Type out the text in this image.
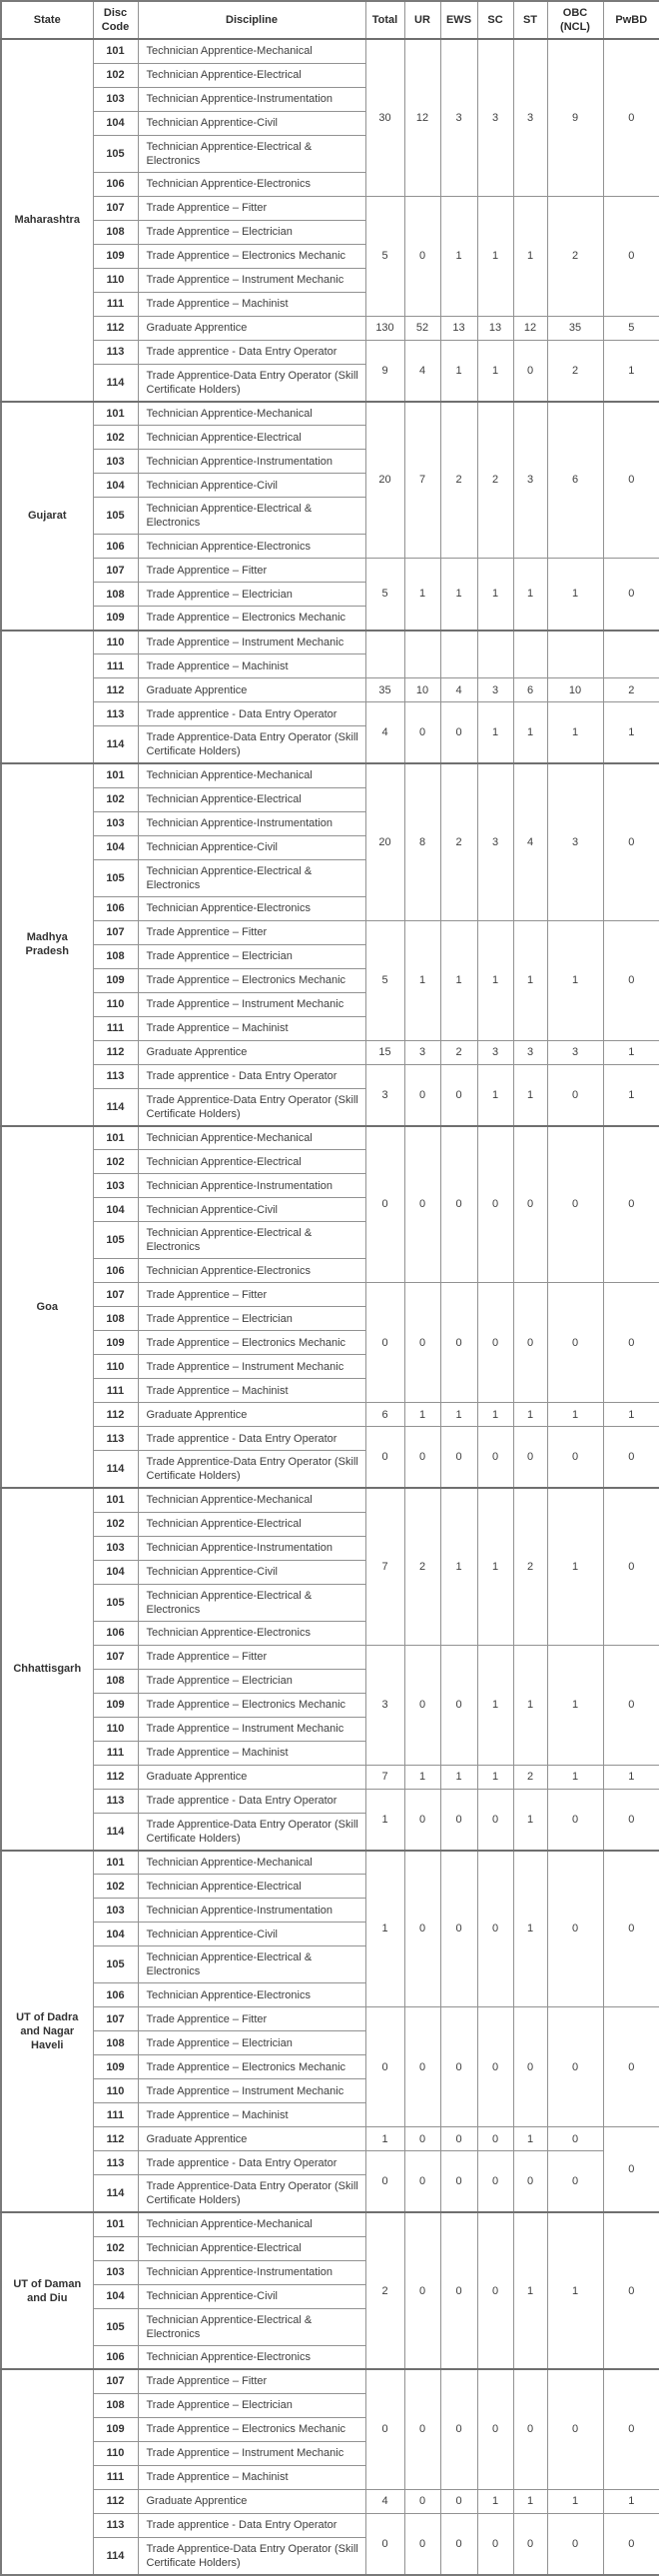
State	Disc Code	Discipline	Total	UR	EWS	SC	ST	OBC (NCL)	PwBD
Maharashtra	101	Technician Apprentice-Mechanical	30	12	3	3	3	9	0
	102	Technician Apprentice-Electrical							
	103	Technician Apprentice-Instrumentation							
	104	Technician Apprentice-Civil							
	105	Technician Apprentice-Electrical & Electronics							
	106	Technician Apprentice-Electronics							
	107	Trade Apprentice – Fitter	5	0	1	1	1	2	0
	108	Trade Apprentice – Electrician							
	109	Trade Apprentice – Electronics Mechanic							
	110	Trade Apprentice – Instrument Mechanic							
	111	Trade Apprentice – Machinist							
	112	Graduate Apprentice	130	52	13	13	12	35	5
	113	Trade apprentice - Data Entry Operator	9	4	1	1	0	2	1
	114	Trade Apprentice-Data Entry Operator (Skill Certificate Holders)							
Gujarat	101	Technician Apprentice-Mechanical	20	7	2	2	3	6	0
	102	Technician Apprentice-Electrical							
	103	Technician Apprentice-Instrumentation							
	104	Technician Apprentice-Civil							
	105	Technician Apprentice-Electrical & Electronics							
	106	Technician Apprentice-Electronics							
	107	Trade Apprentice – Fitter	5	1	1	1	1	1	0
	108	Trade Apprentice – Electrician							
	109	Trade Apprentice – Electronics Mechanic							
	110	Trade Apprentice – Instrument Mechanic							
	111	Trade Apprentice – Machinist							
	112	Graduate Apprentice	35	10	4	3	6	10	2
	113	Trade apprentice - Data Entry Operator	4	0	0	1	1	1	1
	114	Trade Apprentice-Data Entry Operator (Skill Certificate Holders)							
Madhya Pradesh	101	Technician Apprentice-Mechanical	20	8	2	3	4	3	0
	102	Technician Apprentice-Electrical							
	103	Technician Apprentice-Instrumentation							
	104	Technician Apprentice-Civil							
	105	Technician Apprentice-Electrical & Electronics							
	106	Technician Apprentice-Electronics							
	107	Trade Apprentice – Fitter	5	1	1	1	1	1	0
	108	Trade Apprentice – Electrician							
	109	Trade Apprentice – Electronics Mechanic							
	110	Trade Apprentice – Instrument Mechanic							
	111	Trade Apprentice – Machinist							
	112	Graduate Apprentice	15	3	2	3	3	3	1
	113	Trade apprentice - Data Entry Operator	3	0	0	1	1	0	1
	114	Trade Apprentice-Data Entry Operator (Skill Certificate Holders)							
Goa	101	Technician Apprentice-Mechanical	0	0	0	0	0	0	0
	102	Technician Apprentice-Electrical							
	103	Technician Apprentice-Instrumentation							
	104	Technician Apprentice-Civil							
	105	Technician Apprentice-Electrical & Electronics							
	106	Technician Apprentice-Electronics							
	107	Trade Apprentice – Fitter	0	0	0	0	0	0	0
	108	Trade Apprentice – Electrician							
	109	Trade Apprentice – Electronics Mechanic							
	110	Trade Apprentice – Instrument Mechanic							
	111	Trade Apprentice – Machinist							
	112	Graduate Apprentice	6	1	1	1	1	1	1
	113	Trade apprentice - Data Entry Operator	0	0	0	0	0	0	0
	114	Trade Apprentice-Data Entry Operator (Skill Certificate Holders)							
Chhattisgarh	101	Technician Apprentice-Mechanical	7	2	1	1	2	1	0
	102	Technician Apprentice-Electrical							
	103	Technician Apprentice-Instrumentation							
	104	Technician Apprentice-Civil							
	105	Technician Apprentice-Electrical & Electronics							
	106	Technician Apprentice-Electronics							
	107	Trade Apprentice – Fitter	3	0	0	1	1	1	0
	108	Trade Apprentice – Electrician							
	109	Trade Apprentice – Electronics Mechanic							
	110	Trade Apprentice – Instrument Mechanic							
	111	Trade Apprentice – Machinist							
	112	Graduate Apprentice	7	1	1	1	2	1	1
	113	Trade apprentice - Data Entry Operator	1	0	0	0	1	0	0
	114	Trade Apprentice-Data Entry Operator (Skill Certificate Holders)							
UT of Dadra and Nagar Haveli	101	Technician Apprentice-Mechanical	1	0	0	0	1	0	0
	102	Technician Apprentice-Electrical							
	103	Technician Apprentice-Instrumentation							
	104	Technician Apprentice-Civil							
	105	Technician Apprentice-Electrical & Electronics							
	106	Technician Apprentice-Electronics							
	107	Trade Apprentice – Fitter	0	0	0	0	0	0	0
	108	Trade Apprentice – Electrician							
	109	Trade Apprentice – Electronics Mechanic							
	110	Trade Apprentice – Instrument Mechanic							
	111	Trade Apprentice – Machinist							
	112	Graduate Apprentice	1	0	0	0	1	0	0
	113	Trade apprentice - Data Entry Operator	0	0	0	0	0	0	
	114	Trade Apprentice-Data Entry Operator (Skill Certificate Holders)							
UT of Daman and Diu	101	Technician Apprentice-Mechanical	2	0	0	0	1	1	0
	102	Technician Apprentice-Electrical							
	103	Technician Apprentice-Instrumentation							
	104	Technician Apprentice-Civil							
	105	Technician Apprentice-Electrical & Electronics							
	106	Technician Apprentice-Electronics							
	107	Trade Apprentice – Fitter	0	0	0	0	0	0	0
	108	Trade Apprentice – Electrician							
	109	Trade Apprentice – Electronics Mechanic							
	110	Trade Apprentice – Instrument Mechanic							
	111	Trade Apprentice – Machinist							
	112	Graduate Apprentice	4	0	0	1	1	1	1
	113	Trade apprentice - Data Entry Operator	0	0	0	0	0	0	0
	114	Trade Apprentice-Data Entry Operator (Skill Certificate Holders)							
